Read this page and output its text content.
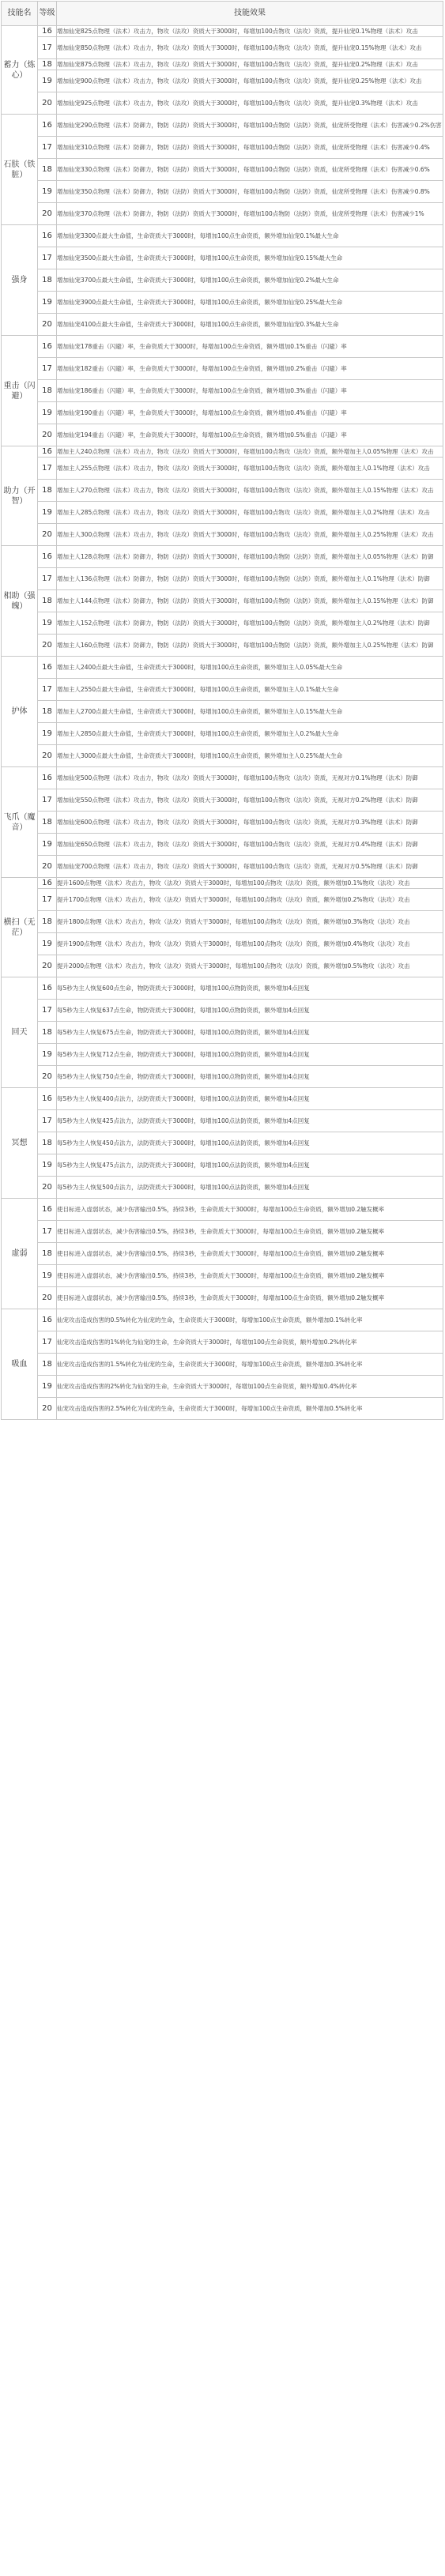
技能名	等级	技能效果
蓄力（炼心）	16	增加仙宠825点物理（法术）攻击力，物攻（法攻）资质大于3000时，每增加100点物攻（法攻）资质，提升仙宠0.1%物理（法术）攻击
	17	增加仙宠850点物理（法术）攻击力，物攻（法攻）资质大于3000时，每增加100点物攻（法攻）资质，提升仙宠0.15%物理（法术）攻击
	18	增加仙宠875点物理（法术）攻击力，物攻（法攻）资质大于3000时，每增加100点物攻（法攻）资质，提升仙宠0.2%物理（法术）攻击
	19	增加仙宠900点物理（法术）攻击力，物攻（法攻）资质大于3000时，每增加100点物攻（法攻）资质，提升仙宠0.25%物理（法术）攻击
	20	增加仙宠925点物理（法术）攻击力，物攻（法攻）资质大于3000时，每增加100点物攻（法攻）资质，提升仙宠0.3%物理（法术）攻击
石肤（铁脏）	16	增加仙宠290点物理（法术）防御力，物防（法防）资质大于3000时，每增加100点物防（法防）资质，仙宠所受物理（法术）伤害减少0.2%伤害
	17	增加仙宠310点物理（法术）防御力，物防（法防）资质大于3000时，每增加100点物防（法防）资质，仙宠所受物理（法术）伤害减少0.4%
	18	增加仙宠330点物理（法术）防御力，物防（法防）资质大于3000时，每增加100点物防（法防）资质，仙宠所受物理（法术）伤害减少0.6%
	19	增加仙宠350点物理（法术）防御力，物防（法防）资质大于3000时，每增加100点物防（法防）资质，仙宠所受物理（法术）伤害减少0.8%
	20	增加仙宠370点物理（法术）防御力，物防（法防）资质大于3000时，每增加100点物防（法防）资质，仙宠所受物理（法术）伤害减少1%
强身	16	增加仙宠3300点最大生命值，生命资质大于3000时，每增加100点生命资质，额外增加仙宠0.1%最大生命
	17	增加仙宠3500点最大生命值，生命资质大于3000时，每增加100点生命资质，额外增加仙宠0.15%最大生命
	18	增加仙宠3700点最大生命值，生命资质大于3000时，每增加100点生命资质，额外增加仙宠0.2%最大生命
	19	增加仙宠3900点最大生命值，生命资质大于3000时，每增加100点生命资质，额外增加仙宠0.25%最大生命
	20	增加仙宠4100点最大生命值，生命资质大于3000时，每增加100点生命资质，额外增加仙宠0.3%最大生命
重击（闪避）	16	增加仙宠178重击（闪避）率，生命资质大于3000时，每增加100点生命资质，额外增加0.1%重击（闪避）率
	17	增加仙宠182重击（闪避）率，生命资质大于3000时，每增加100点生命资质，额外增加0.2%重击（闪避）率
	18	增加仙宠186重击（闪避）率，生命资质大于3000时，每增加100点生命资质，额外增加0.3%重击（闪避）率
	19	增加仙宠190重击（闪避）率，生命资质大于3000时，每增加100点生命资质，额外增加0.4%重击（闪避）率
	20	增加仙宠194重击（闪避）率，生命资质大于3000时，每增加100点生命资质，额外增加0.5%重击（闪避）率
助力（开智）	16	增加主人240点物理（法术）攻击力，物攻（法攻）资质大于3000时，每增加100点物攻（法攻）资质，额外增加主人0.05%物理（法术）攻击
	17	增加主人255点物理（法术）攻击力，物攻（法攻）资质大于3000时，每增加100点物攻（法攻）资质，额外增加主人0.1%物理（法术）攻击
	18	增加主人270点物理（法术）攻击力，物攻（法攻）资质大于3000时，每增加100点物攻（法攻）资质，额外增加主人0.15%物理（法术）攻击
	19	增加主人285点物理（法术）攻击力，物攻（法攻）资质大于3000时，每增加100点物攻（法攻）资质，额外增加主人0.2%物理（法术）攻击
	20	增加主人300点物理（法术）攻击力，物攻（法攻）资质大于3000时，每增加100点物攻（法攻）资质，额外增加主人0.25%物理（法术）攻击
相助（强魄）	16	增加主人128点物理（法术）防御力，物防（法防）资质大于3000时，每增加100点物防（法防）资质，额外增加主人0.05%物理（法术）防御
	17	增加主人136点物理（法术）防御力，物防（法防）资质大于3000时，每增加100点物防（法防）资质，额外增加主人0.1%物理（法术）防御
	18	增加主人144点物理（法术）防御力，物防（法防）资质大于3000时，每增加100点物防（法防）资质，额外增加主人0.15%物理（法术）防御
	19	增加主人152点物理（法术）防御力，物防（法防）资质大于3000时，每增加100点物防（法防）资质，额外增加主人0.2%物理（法术）防御
	20	增加主人160点物理（法术）防御力，物防（法防）资质大于3000时，每增加100点物防（法防）资质，额外增加主人0.25%物理（法术）防御
护体	16	增加主人2400点最大生命值，生命资质大于3000时，每增加100点生命资质，额外增加主人0.05%最大生命
	17	增加主人2550点最大生命值，生命资质大于3000时，每增加100点生命资质，额外增加主人0.1%最大生命
	18	增加主人2700点最大生命值，生命资质大于3000时，每增加100点生命资质，额外增加主人0.15%最大生命
	19	增加主人2850点最大生命值，生命资质大于3000时，每增加100点生命资质，额外增加主人0.2%最大生命
	20	增加主人3000点最大生命值，生命资质大于3000时，每增加100点生命资质，额外增加主人0.25%最大生命
飞爪（魔音）	16	增加仙宠500点物理（法术）攻击力，物攻（法攻）资质大于3000时，每增加100点物攻（法攻）资质，无视对方0.1%物理（法术）防御
	17	增加仙宠550点物理（法术）攻击力，物攻（法攻）资质大于3000时，每增加100点物攻（法攻）资质，无视对方0.2%物理（法术）防御
	18	增加仙宠600点物理（法术）攻击力，物攻（法攻）资质大于3000时，每增加100点物攻（法攻）资质，无视对方0.3%物理（法术）防御
	19	增加仙宠650点物理（法术）攻击力，物攻（法攻）资质大于3000时，每增加100点物攻（法攻）资质，无视对方0.4%物理（法术）防御
	20	增加仙宠700点物理（法术）攻击力，物攻（法攻）资质大于3000时，每增加100点物攻（法攻）资质，无视对方0.5%物理（法术）防御
横扫（无茫）	16	提升1600点物理（法术）攻击力，物攻（法攻）资质大于3000时，每增加100点物攻（法攻）资质，额外增加0.1%物攻（法攻）攻击
	17	提升1700点物理（法术）攻击力，物攻（法攻）资质大于3000时，每增加100点物攻（法攻）资质，额外增加0.2%物攻（法攻）攻击
	18	提升1800点物理（法术）攻击力，物攻（法攻）资质大于3000时，每增加100点物攻（法攻）资质，额外增加0.3%物攻（法攻）攻击
	19	提升1900点物理（法术）攻击力，物攻（法攻）资质大于3000时，每增加100点物攻（法攻）资质，额外增加0.4%物攻（法攻）攻击
	20	提升2000点物理（法术）攻击力，物攻（法攻）资质大于3000时，每增加100点物攻（法攻）资质，额外增加0.5%物攻（法攻）攻击
回天	16	每5秒为主人恢复600点生命，物防资质大于3000时，每增加100点物防资质，额外增加4点回复
	17	每5秒为主人恢复637点生命，物防资质大于3000时，每增加100点物防资质，额外增加4点回复
	18	每5秒为主人恢复675点生命，物防资质大于3000时，每增加100点物防资质，额外增加4点回复
	19	每5秒为主人恢复712点生命，物防资质大于3000时，每增加100点物防资质，额外增加4点回复
	20	每5秒为主人恢复750点生命，物防资质大于3000时，每增加100点物防资质，额外增加4点回复
冥想	16	每5秒为主人恢复400点法力，法防资质大于3000时，每增加100点法防资质，额外增加4点回复
	17	每5秒为主人恢复425点法力，法防资质大于3000时，每增加100点法防资质，额外增加4点回复
	18	每5秒为主人恢复450点法力，法防资质大于3000时，每增加100点法防资质，额外增加4点回复
	19	每5秒为主人恢复475点法力，法防资质大于3000时，每增加100点法防资质，额外增加4点回复
	20	每5秒为主人恢复500点法力，法防资质大于3000时，每增加100点法防资质，额外增加4点回复
虚弱	16	使目标进入虚弱状态，减少伤害输出0.5%，持续3秒，生命资质大于3000时，每增加100点生命资质，额外增加0.2触发概率
	17	使目标进入虚弱状态，减少伤害输出0.5%，持续3秒，生命资质大于3000时，每增加100点生命资质，额外增加0.2触发概率
	18	使目标进入虚弱状态，减少伤害输出0.5%，持续3秒，生命资质大于3000时，每增加100点生命资质，额外增加0.2触发概率
	19	使目标进入虚弱状态，减少伤害输出0.5%，持续3秒，生命资质大于3000时，每增加100点生命资质，额外增加0.2触发概率
	20	使目标进入虚弱状态，减少伤害输出0.5%，持续3秒，生命资质大于3000时，每增加100点生命资质，额外增加0.2触发概率
吸血	16	仙宠攻击造成伤害的0.5%转化为仙宠的生命，生命资质大于3000时，每增加100点生命资质，额外增加0.1%转化率
	17	仙宠攻击造成伤害的1%转化为仙宠的生命，生命资质大于3000时，每增加100点生命资质，额外增加0.2%转化率
	18	仙宠攻击造成伤害的1.5%转化为仙宠的生命，生命资质大于3000时，每增加100点生命资质，额外增加0.3%转化率
	19	仙宠攻击造成伤害的2%转化为仙宠的生命，生命资质大于3000时，每增加100点生命资质，额外增加0.4%转化率
	20	仙宠攻击造成伤害的2.5%转化为仙宠的生命，生命资质大于3000时，每增加100点生命资质，额外增加0.5%转化率
